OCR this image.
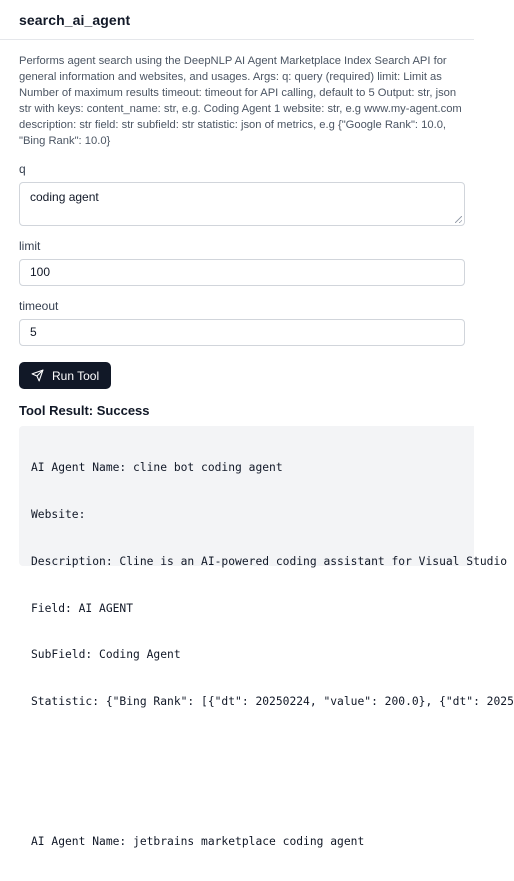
search_ai_agent

Performs agent search using the DeepNLP AI Agent Marketplace Index Search API for general information and websites, and usages. Args: q: query (required) limit: Limit as Number of maximum results timeout: timeout for API calling, default to 5 Output: str, json str with keys: content_name: str, e.g. Coding Agent 1 website: str, e.g www.my-agent.com description: str field: str subfield: str statistic: json of metrics, e.g {"Google Rank": 10.0, "Bing Rank": 10.0}

q
coding agent
limit
100
timeout
5
Run Tool
Tool Result: Success

AI Agent Name: cline bot coding agent

Website:

Description: Cline is an AI-powered coding assistant for Visual Studio

Field: AI AGENT

SubField: Coding Agent

Statistic: {"Bing Rank": [{"dt": 20250224, "value": 200.0}, {"dt": 2025

AI Agent Name: jetbrains marketplace coding agent
